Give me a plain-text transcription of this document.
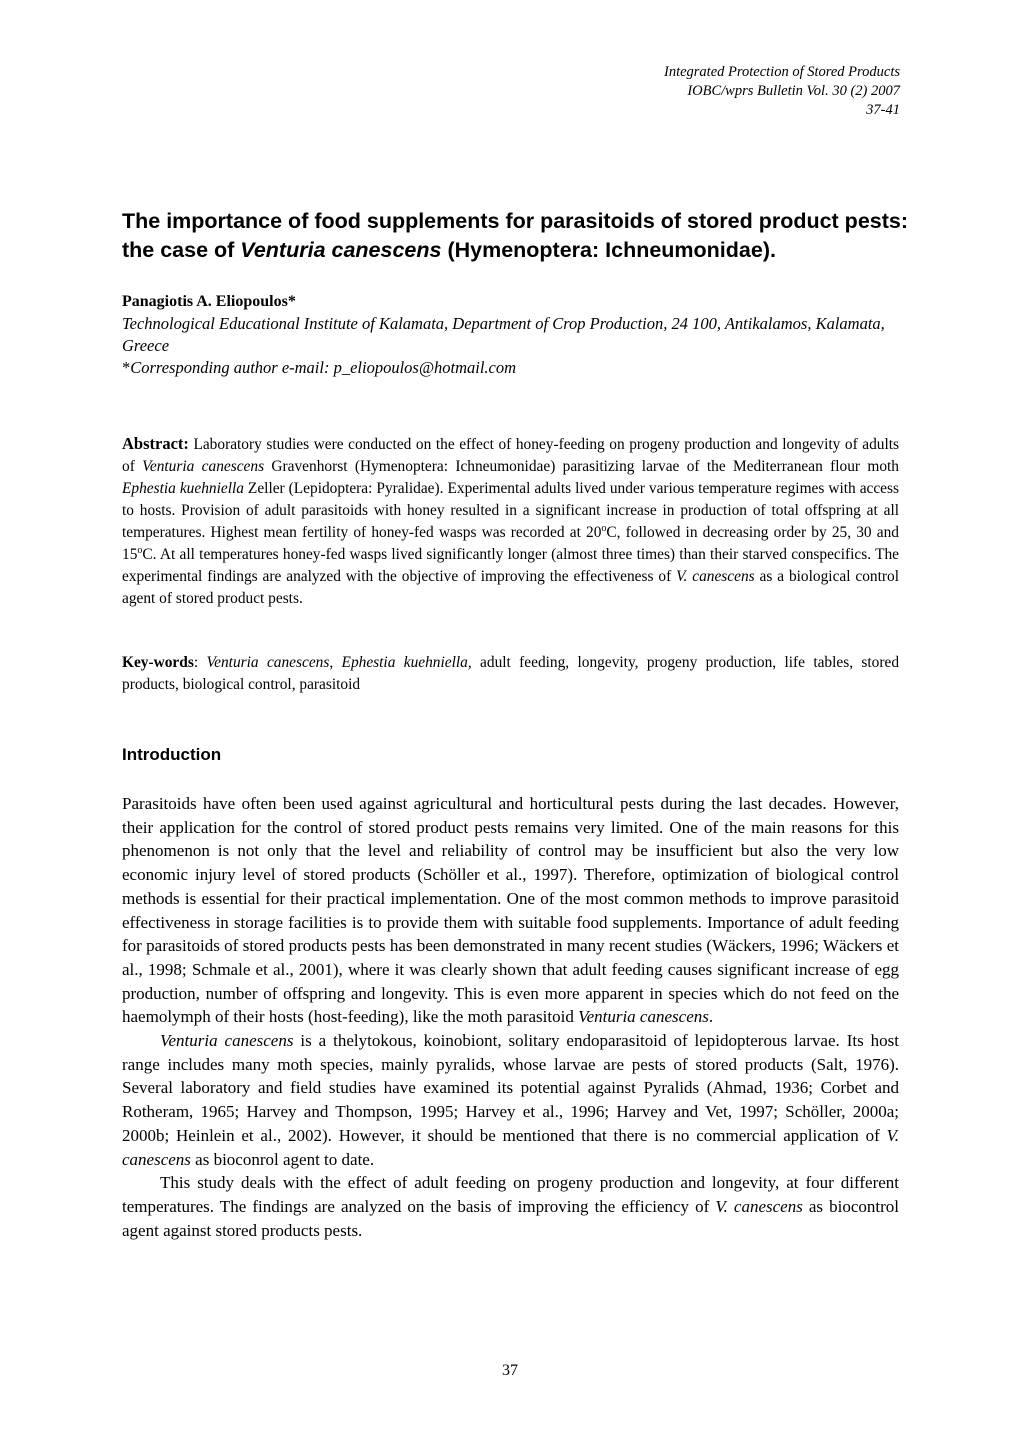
Integrated Protection of Stored Products
IOBC/wprs Bulletin Vol. 30 (2) 2007
37-41
The importance of food supplements for parasitoids of stored product pests: the case of Venturia canescens (Hymenoptera: Ichneumonidae).
Panagiotis A. Eliopoulos*
Technological Educational Institute of Kalamata, Department of Crop Production, 24 100, Antikalamos, Kalamata, Greece
*Corresponding author e-mail: p_eliopoulos@hotmail.com
Abstract: Laboratory studies were conducted on the effect of honey-feeding on progeny production and longevity of adults of Venturia canescens Gravenhorst (Hymenoptera: Ichneumonidae) parasitizing larvae of the Mediterranean flour moth Ephestia kuehniella Zeller (Lepidoptera: Pyralidae). Experimental adults lived under various temperature regimes with access to hosts. Provision of adult parasitoids with honey resulted in a significant increase in production of total offspring at all temperatures. Highest mean fertility of honey-fed wasps was recorded at 20$^o$C, followed in decreasing order by 25, 30 and 15$^o$C. At all temperatures honey-fed wasps lived significantly longer (almost three times) than their starved conspecifics. The experimental findings are analyzed with the objective of improving the effectiveness of V. canescens as a biological control agent of stored product pests.
Key-words: Venturia canescens, Ephestia kuehniella, adult feeding, longevity, progeny production, life tables, stored products, biological control, parasitoid
Introduction

Parasitoids have often been used against agricultural and horticultural pests during the last decades. However, their application for the control of stored product pests remains very limited. One of the main reasons for this phenomenon is not only that the level and reliability of control may be insufficient but also the very low economic injury level of stored products (Schöller et al., 1997). Therefore, optimization of biological control methods is essential for their practical implementation. One of the most common methods to improve parasitoid effectiveness in storage facilities is to provide them with suitable food supplements. Importance of adult feeding for parasitoids of stored products pests has been demonstrated in many recent studies (Wäckers, 1996; Wäckers et al., 1998; Schmale et al., 2001), where it was clearly shown that adult feeding causes significant increase of egg production, number of offspring and longevity. This is even more apparent in species which do not feed on the haemolymph of their hosts (host-feeding), like the moth parasitoid Venturia canescens.

Venturia canescens is a thelytokous, koinobiont, solitary endoparasitoid of lepidopterous larvae. Its host range includes many moth species, mainly pyralids, whose larvae are pests of stored products (Salt, 1976). Several laboratory and field studies have examined its potential against Pyralids (Ahmad, 1936; Corbet and Rotheram, 1965; Harvey and Thompson, 1995; Harvey et al., 1996; Harvey and Vet, 1997; Schöller, 2000a; 2000b; Heinlein et al., 2002). However, it should be mentioned that there is no commercial application of V. canescens as bioconrol agent to date.

This study deals with the effect of adult feeding on progeny production and longevity, at four different temperatures. The findings are analyzed on the basis of improving the efficiency of V. canescens as biocontrol agent against stored products pests.

37
